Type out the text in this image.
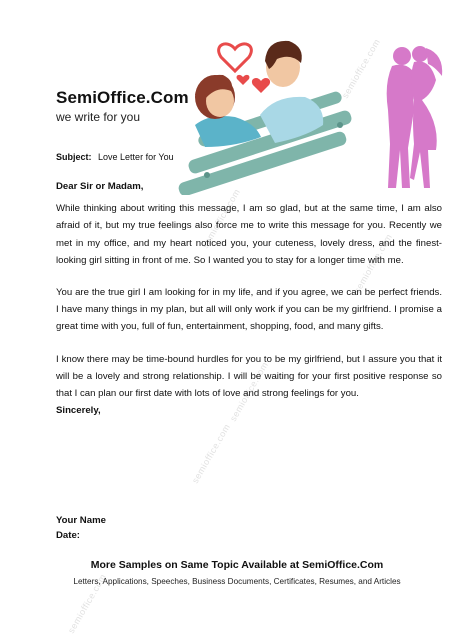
semioffice.com
semioffice.com
semioffice.com
semioffice.com
semioffice.com
semioffice.com
SemiOffice.Com
we write for you
Subject: Love Letter for You

Dear Sir or Madam,

While thinking about writing this message, I am so glad, but at the same time, I am also afraid of it, but my true feelings also force me to write this message for you. Recently we met in my office, and my heart noticed you, your cuteness, lovely dress, and the finest-looking girl sitting in front of me. So I wanted you to stay for a longer time with me.

You are the true girl I am looking for in my life, and if you agree, we can be perfect friends. I have many things in my plan, but all will only work if you can be my girlfriend. I promise a great time with you, full of fun, entertainment, shopping, food, and many gifts.

I know there may be time-bound hurdles for you to be my girlfriend, but I assure you that it will be a lovely and strong relationship. I will be waiting for your first positive response so that I can plan our first date with lots of love and strong feelings for you.

Sincerely,

Your Name
Date:
More Samples on Same Topic Available at SemiOffice.Com
Letters, Applications, Speeches, Business Documents, Certificates, Resumes, and Articles
